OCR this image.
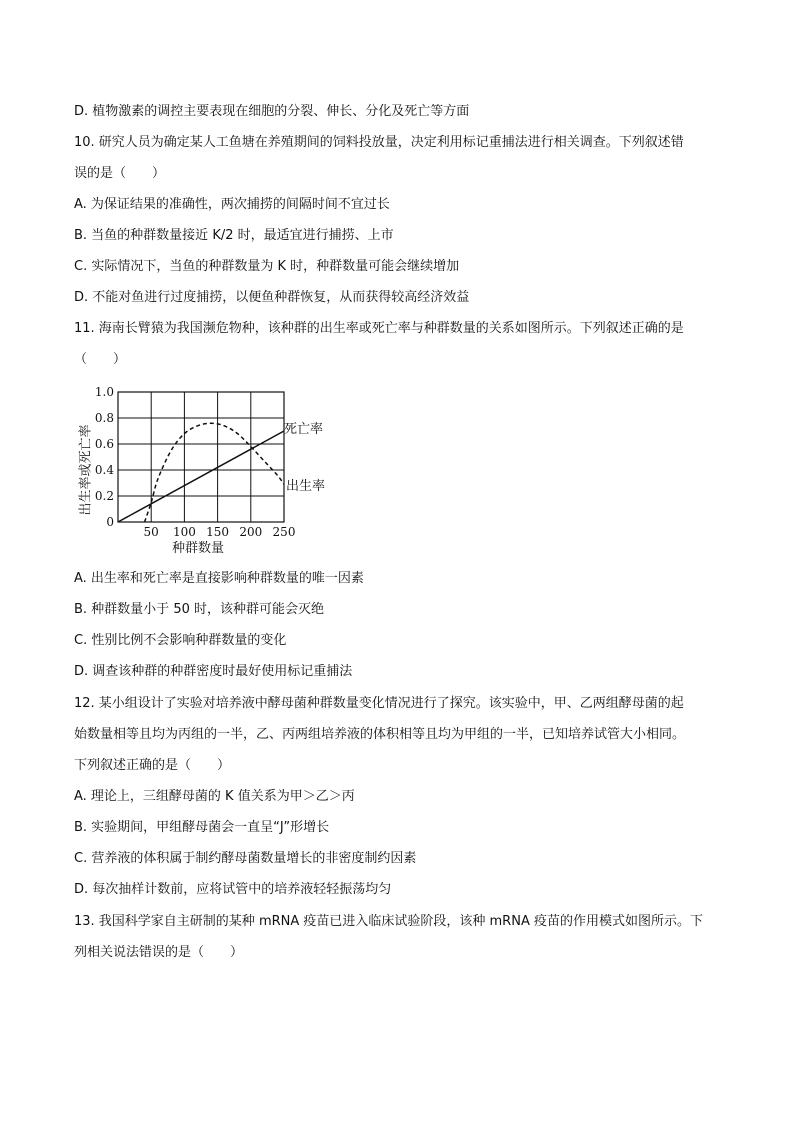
D. 植物激素的调控主要表现在细胞的分裂、伸长、分化及死亡等方面
10. 研究人员为确定某人工鱼塘在养殖期间的饲料投放量，决定利用标记重捕法进行相关调查。下列叙述错
误的是（　　）
A. 为保证结果的准确性，两次捕捞的间隔时间不宜过长
B. 当鱼的种群数量接近 K/2 时，最适宜进行捕捞、上市
C. 实际情况下，当鱼的种群数量为 K 时，种群数量可能会继续增加
D. 不能对鱼进行过度捕捞，以便鱼种群恢复，从而获得较高经济效益
11. 海南长臂猿为我国濒危物种，该种群的出生率或死亡率与种群数量的关系如图所示。下列叙述正确的是
（　　）
50 100 150 200 250
0
0.2
0.4
0.6
0.8
1.0
出生率或死亡率
种群数量
死亡率
出生率
A. 出生率和死亡率是直接影响种群数量的唯一因素
B. 种群数量小于 50 时，该种群可能会灭绝
C. 性别比例不会影响种群数量的变化
D. 调查该种群的种群密度时最好使用标记重捕法
12. 某小组设计了实验对培养液中酵母菌种群数量变化情况进行了探究。该实验中，甲、乙两组酵母菌的起
始数量相等且均为丙组的一半，乙、丙两组培养液的体积相等且均为甲组的一半，已知培养试管大小相同。
下列叙述正确的是（　　）
A. 理论上，三组酵母菌的 K 值关系为甲＞乙＞丙
B. 实验期间，甲组酵母菌会一直呈“J”形增长
C. 营养液的体积属于制约酵母菌数量增长的非密度制约因素
D. 每次抽样计数前，应将试管中的培养液轻轻振荡均匀
13. 我国科学家自主研制的某种 mRNA 疫苗已进入临床试验阶段，该种 mRNA 疫苗的作用模式如图所示。下
列相关说法错误的是（　　）
